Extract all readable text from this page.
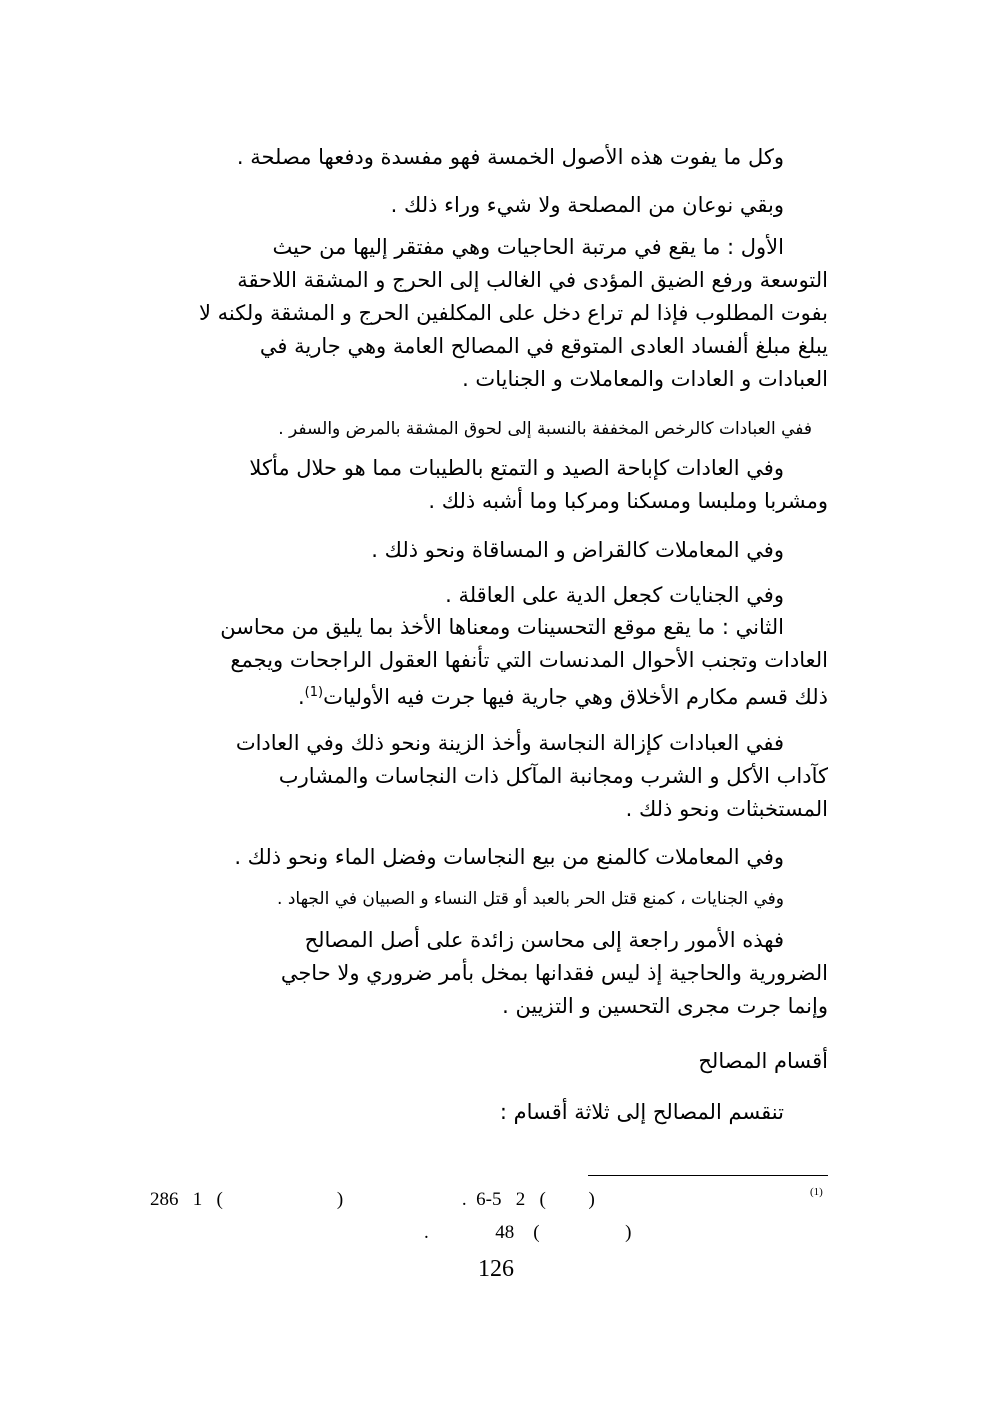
وكل ما يفوت هذه الأصول الخمسة فهو مفسدة ودفعها مصلحة .
وبقي نوعان من المصلحة ولا شيء وراء ذلك .
الأول : ما يقع في مرتبة الحاجيات وهي مفتقر إليها من حيث
التوسعة ورفع الضيق المؤدى في الغالب إلى الحرج و المشقة اللاحقة
بفوت المطلوب فإذا لم تراع دخل على المكلفين الحرج و المشقة ولكنه لا
يبلغ مبلغ ألفساد العادى المتوقع في المصالح العامة وهي جارية في
العبادات و العادات والمعاملات و الجنايات .
ففي العبادات كالرخص المخففة بالنسبة إلى لحوق المشقة بالمرض والسفر .
وفي العادات كإباحة الصيد و التمتع بالطيبات مما هو حلال مأكلا
ومشربا وملبسا ومسكنا ومركبا وما أشبه ذلك .
وفي المعاملات كالقراض و المساقاة ونحو ذلك .
وفي الجنايات كجعل الدية على العاقلة .
الثاني : ما يقع موقع التحسينات ومعناها الأخذ بما يليق من محاسن
العادات وتجنب الأحوال المدنسات التي تأنفها العقول الراجحات ويجمع
ذلك قسم مكارم الأخلاق وهي جارية فيها جرت فيه الأوليات$^{(1)}$.
ففي العبادات كإزالة النجاسة وأخذ الزينة ونحو ذلك وفي العادات
كآداب الأكل و الشرب ومجانبة المآكل ذات النجاسات والمشارب
المستخبثات ونحو ذلك .
وفي المعاملات كالمنع من بيع النجاسات وفضل الماء ونحو ذلك .
وفي الجنايات ، كمنع قتل الحر بالعبد أو قتل النساء و الصبيان في الجهاد .
فهذه الأمور راجعة إلى محاسن زائدة على أصل المصالح
الضرورية والحاجية إذ ليس فقدانها بمخل بأمر ضروري ولا حاجي
وإنما جرت مجرى التحسين و التزيين .
أقسام المصالح
تنقسم المصالح إلى ثلاثة أقسام :
(1)
286   1   (                        )                         .  6-5   2   (         )
.              48    (                  )
126
